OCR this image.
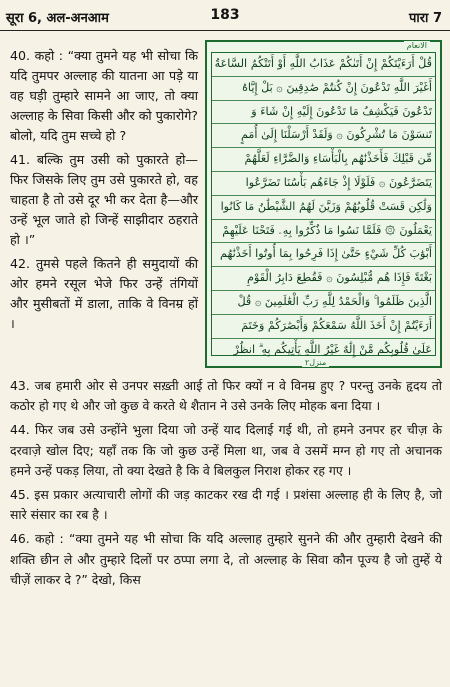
सूरा 6, अल-अनआम	183	पारा 7

40. कहो : “क्या तुमने यह भी सोचा कि यदि तुमपर अल्लाह की यातना आ पड़े या वह घड़ी तुम्हारे सामने आ जाए, तो क्या अल्लाह के सिवा किसी और को पुकारोगे? बोलो, यदि तुम सच्चे हो ?

41. बल्कि तुम उसी को पुकारते हो— फिर जिसके लिए तुम उसे पुकारते हो, वह चाहता है तो उसे दूर भी कर देता है—और उन्हें भूल जाते हो जिन्हें साझीदार ठहराते हो ।”

42. तुमसे पहले कितने ही समुदायों की ओर हमने रसूल भेजे फिर उन्हें तंगियों और मुसीबतों में डाला, ताकि वे विनम्र हों ।

الانعام
منزل٢
قُلْ أَرَءَيْتَكُمْ إِنْ أَتَىٰكُمْ عَذَابُ اللَّهِ أَوْ أَتَتْكُمُ السَّاعَةُ
أَغَيْرَ اللَّهِ تَدْعُونَ إِنْ كُنتُمْ صَٰدِقِينَ ۞ بَلْ إِيَّاهُ
تَدْعُونَ فَيَكْشِفُ مَا تَدْعُونَ إِلَيْهِ إِنْ شَاءَ وَ
تَنسَوْنَ مَا تُشْرِكُونَ ۞ وَلَقَدْ أَرْسَلْنَا إِلَىٰ أُمَمٍ
مِّن قَبْلِكَ فَأَخَذْنَٰهُم بِالْبَأْسَاءِ وَالضَّرَّاءِ لَعَلَّهُمْ
يَتَضَرَّعُونَ ۞ فَلَوْلَا إِذْ جَاءَهُم بَأْسُنَا تَضَرَّعُوا
وَلَٰكِن قَسَتْ قُلُوبُهُمْ وَزَيَّنَ لَهُمُ الشَّيْطَٰنُ مَا كَانُوا
يَعْمَلُونَ ۞ فَلَمَّا نَسُوا مَا ذُكِّرُوا بِهِۦ فَتَحْنَا عَلَيْهِمْ
أَبْوَٰبَ كُلِّ شَيْءٍ حَتَّىٰ إِذَا فَرِحُوا بِمَا أُوتُوا أَخَذْنَٰهُم
بَغْتَةً فَإِذَا هُم مُّبْلِسُونَ ۞ فَقُطِعَ دَابِرُ الْقَوْمِ
الَّذِينَ ظَلَمُوا ۚ وَالْحَمْدُ لِلَّهِ رَبِّ الْعَٰلَمِينَ ۞ قُلْ
أَرَءَيْتُمْ إِنْ أَخَذَ اللَّهُ سَمْعَكُمْ وَأَبْصَٰرَكُمْ وَخَتَمَ
عَلَىٰ قُلُوبِكُم مَّنْ إِلَٰهٌ غَيْرُ اللَّهِ يَأْتِيكُم بِهِ ۗ انظُرْ

43. जब हमारी ओर से उनपर सख़्ती आई तो फिर क्यों न वे विनम्र हुए ? परन्तु उनके हृदय तो कठोर हो गए थे और जो कुछ वे करते थे शैतान ने उसे उनके लिए मोहक बना दिया ।

44. फिर जब उसे उन्होंने भुला दिया जो उन्हें याद दिलाई गई थी, तो हमने उनपर हर चीज़ के दरवाज़े खोल दिए; यहाँ तक कि जो कुछ उन्हें मिला था, जब वे उसमें मग्न हो गए तो अचानक हमने उन्हें पकड़ लिया, तो क्या देखते है कि वे बिलकुल निराश होकर रह गए ।

45. इस प्रकार अत्याचारी लोगों की जड़ काटकर रख दी गई । प्रशंसा अल्लाह ही के लिए है, जो सारे संसार का रब है ।

46. कहो : “क्या तुमने यह भी सोचा कि यदि अल्लाह तुम्हारे सुनने की और तुम्हारी देखने की शक्ति छीन ले और तुम्हारे दिलों पर ठप्पा लगा दे, तो अल्लाह के सिवा कौन पूज्य है जो तुम्हें ये चीज़ें लाकर दे ?” देखो, किस
